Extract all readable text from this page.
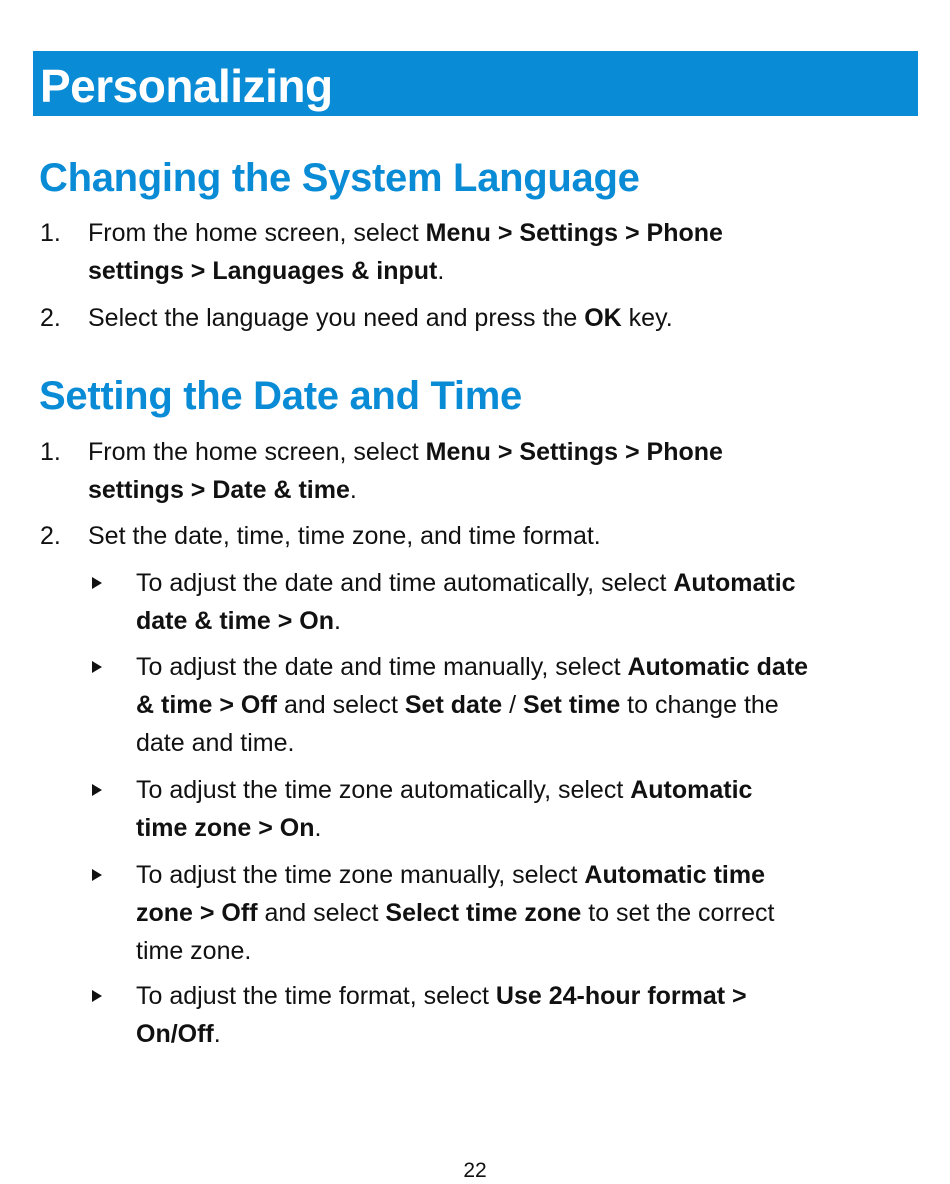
Personalizing
Changing the System Language
1. From the home screen, select Menu > Settings > Phone
settings > Languages & input.
2. Select the language you need and press the OK key.
Setting the Date and Time
1. From the home screen, select Menu > Settings > Phone
settings > Date & time.
2. Set the date, time, time zone, and time format.
To adjust the date and time automatically, select Automatic
date & time > On.
To adjust the date and time manually, select Automatic date
& time > Off and select Set date / Set time to change the
date and time.
To adjust the time zone automatically, select Automatic
time zone > On.
To adjust the time zone manually, select Automatic time
zone > Off and select Select time zone to set the correct
time zone.
To adjust the time format, select Use 24-hour format >
On/Off.
22
